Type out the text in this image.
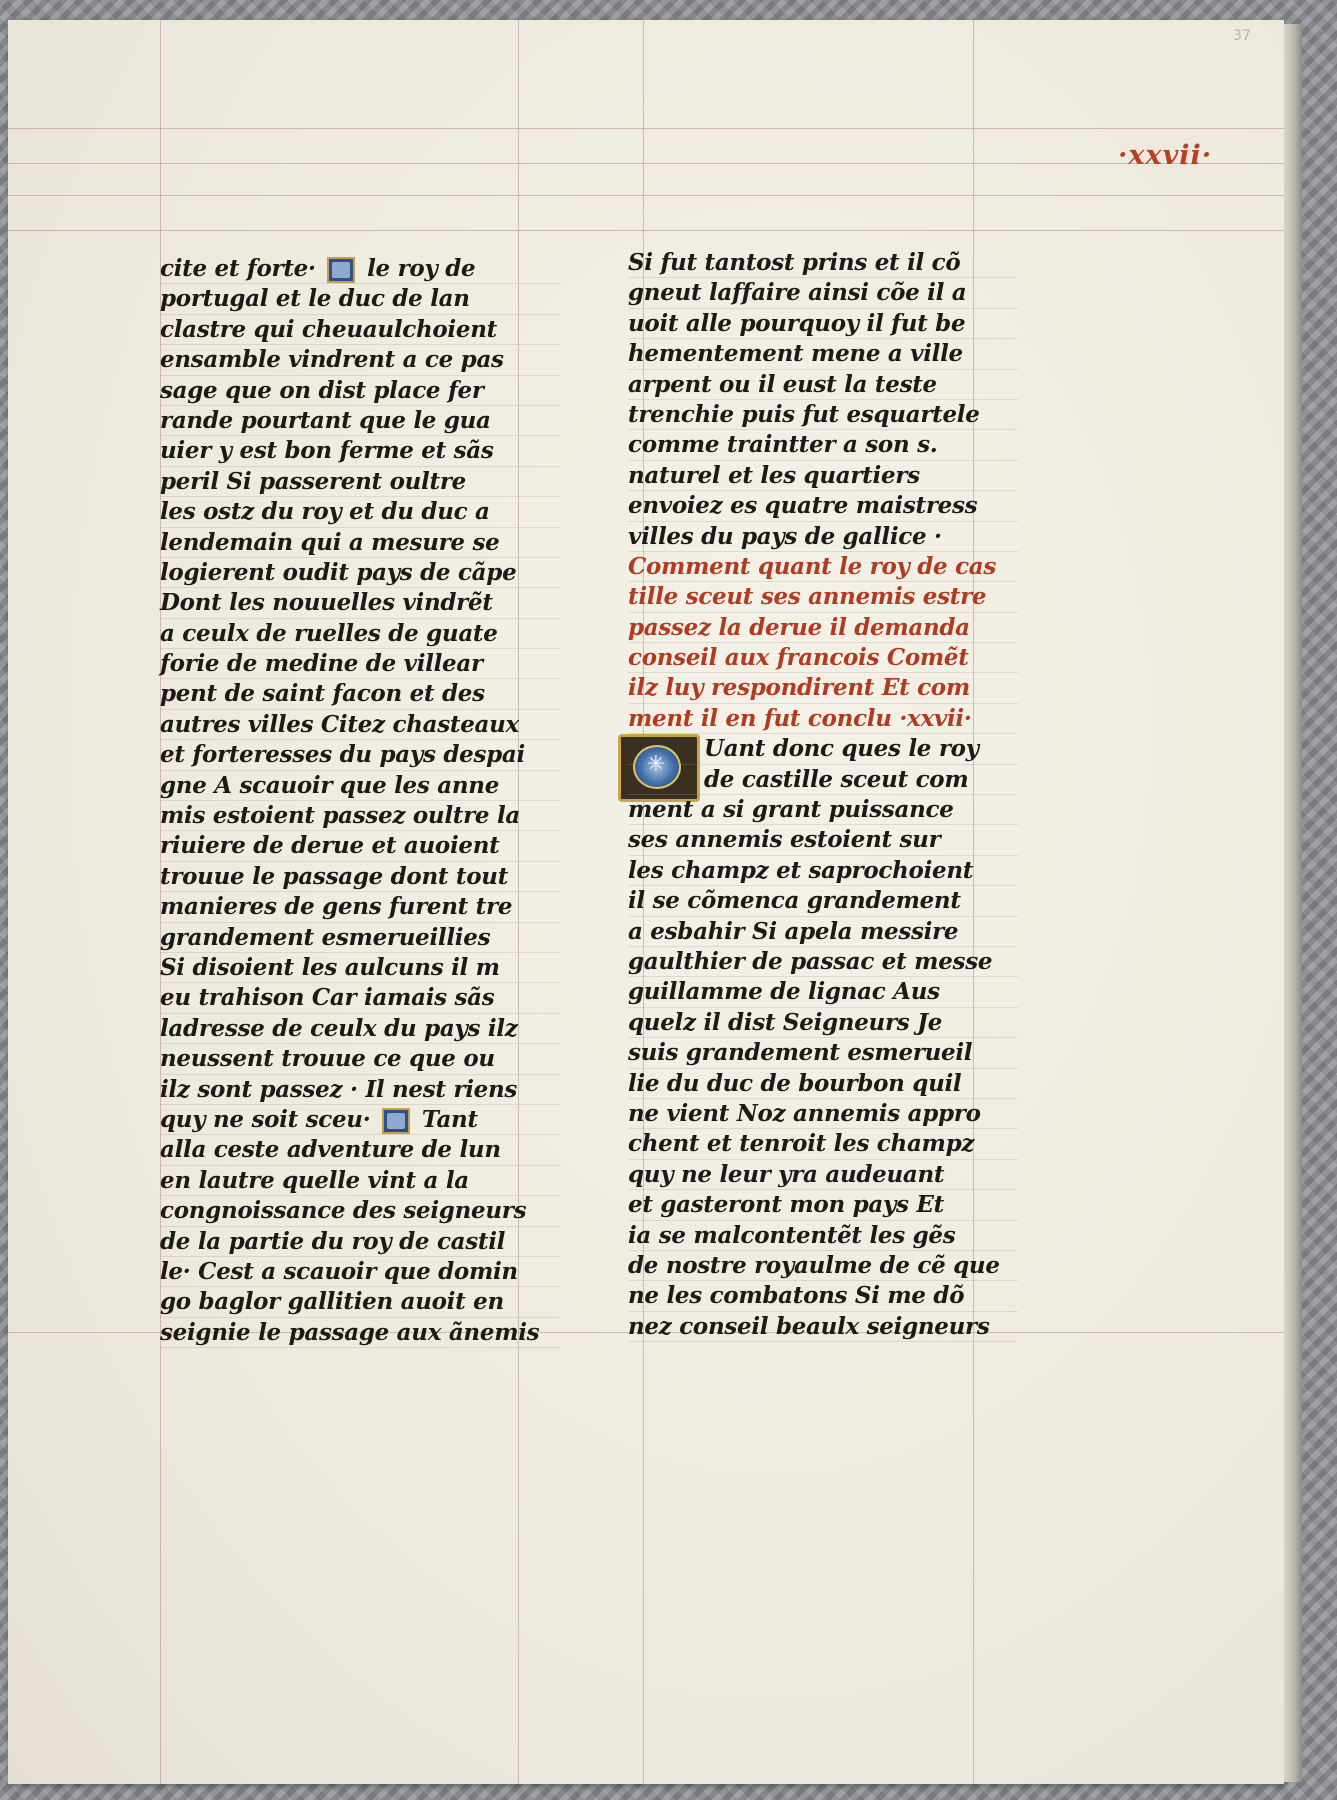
37
·xxvii·
cite et forte·
le roy de
portugal et le duc de lan
clastre qui cheuaulchoient
ensamble vindrent a ce pas
sage que on dist place fer
rande pourtant que le gua
uier y est bon ferme et sãs
peril Si passerent oultre
les ostz du roy et du duc a
lendemain qui a mesure se
logierent oudit pays de cãpe
Dont les nouuelles vindrẽt
a ceulx de ruelles de guate
forie de medine de villear
pent de saint facon et des
autres villes Citez chasteaux
et forteresses du pays despai
gne A scauoir que les anne
mis estoient passez oultre la
riuiere de derue et auoient
trouue le passage dont tout
manieres de gens furent tre
grandement esmerueillies
Si disoient les aulcuns il m
eu trahison Car iamais sãs
ladresse de ceulx du pays ilz
neussent trouue ce que ou
ilz sont passez · Il nest riens
quy ne soit sceu·
Tant
alla ceste adventure de lun
en lautre quelle vint a la
congnoissance des seigneurs
de la partie du roy de castil
le· Cest a scauoir que domin
go baglor gallitien auoit en
seignie le passage aux ãnemis
Si fut tantost prins et il cõ
gneut laffaire ainsi cõe il a
uoit alle pourquoy il fut be
hementement mene a ville
arpent ou il eust la teste
trenchie puis fut esquartele
comme traintter a son s.
naturel et les quartiers
envoiez es quatre maistress
villes du pays de gallice ·
Comment quant le roy de cas
tille sceut ses annemis estre
passez la derue il demanda
conseil aux francois Comẽt
ilz luy respondirent Et com
ment il en fut conclu ·xxvii·
✳
Uant donc ques le roy
de castille sceut com
ment a si grant puissance
ses annemis estoient sur
les champz et saprochoient
il se cõmenca grandement
a esbahir Si apela messire
gaulthier de passac et messe
guillamme de lignac Aus
quelz il dist Seigneurs Je
suis grandement esmerueil
lie du duc de bourbon quil
ne vient Noz annemis appro
chent et tenroit les champz
quy ne leur yra audeuant
et gasteront mon pays Et
ia se malcontentẽt les gẽs
de nostre royaulme de cẽ que
ne les combatons Si me dõ
nez conseil beaulx seigneurs
